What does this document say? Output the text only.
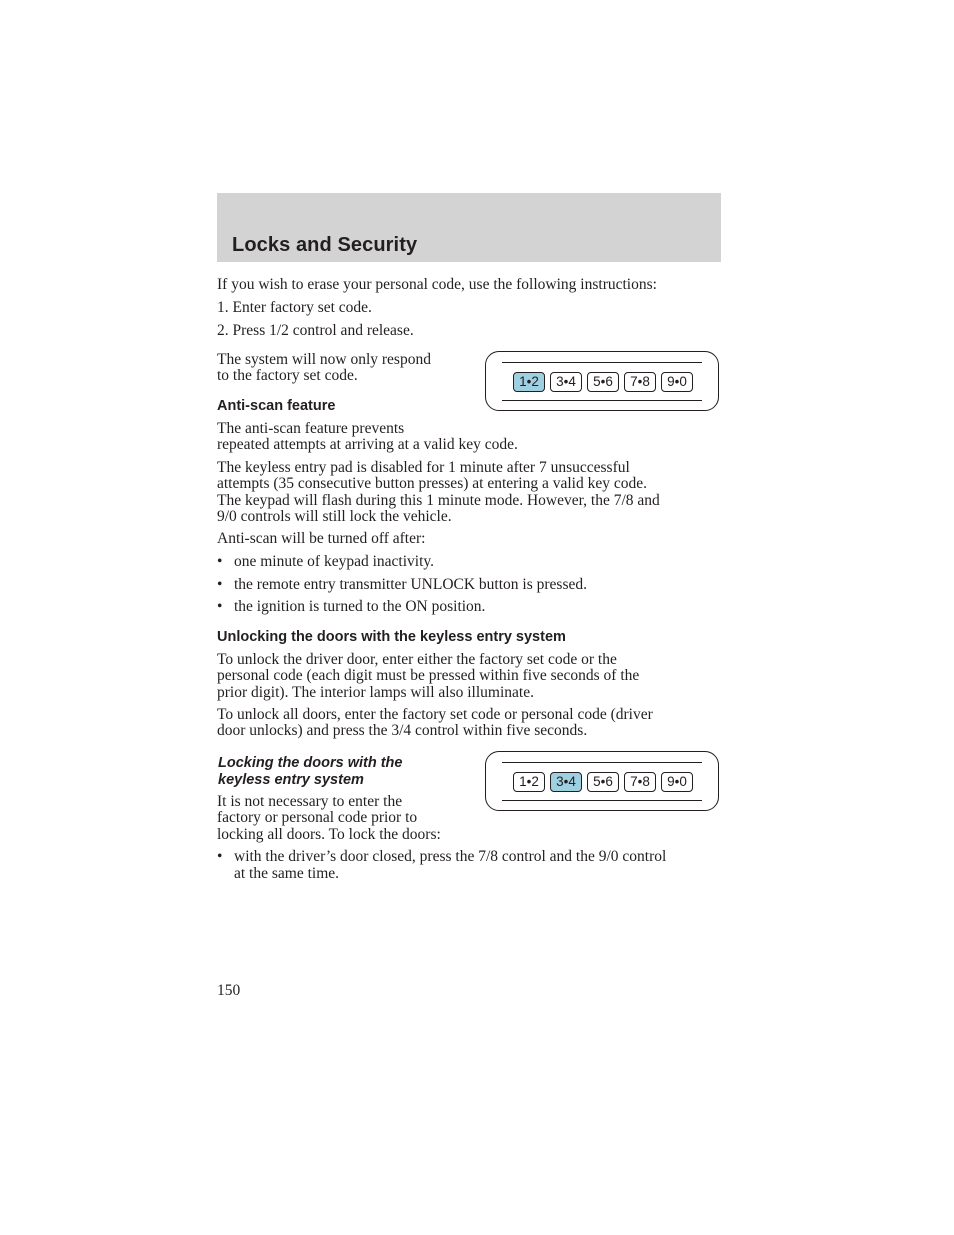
Locks and Security

If you wish to erase your personal code, use the following instructions:

1. Enter factory set code.

2. Press 1/2 control and release.

The system will now only respond

to the factory set code.	1•2	3•4	5•6	7•8	9•0
Anti-scan feature

The anti-scan feature prevents

repeated attempts at arriving at a valid key code.

The keyless entry pad is disabled for 1 minute after 7 unsuccessful

attempts (35 consecutive button presses) at entering a valid key code.

The keypad will flash during this 1 minute mode. However, the 7/8 and

9/0 controls will still lock the vehicle.

Anti-scan will be turned off after:

• one minute of keypad inactivity.
• the remote entry transmitter UNLOCK button is pressed.
• the ignition is turned to the ON position.
Unlocking the doors with the keyless entry system

To unlock the driver door, enter either the factory set code or the

personal code (each digit must be pressed within five seconds of the

prior digit). The interior lamps will also illuminate.

To unlock all doors, enter the factory set code or personal code (driver

door unlocks) and press the 3/4 control within five seconds.

1•2	3•4	5•6	7•8	9•0
Locking the doors with the
keyless entry system

It is not necessary to enter the

factory or personal code prior to

locking all doors. To lock the doors:

• with the driver’s door closed, press the 7/8 control and the 9/0 control

at the same time.

150
